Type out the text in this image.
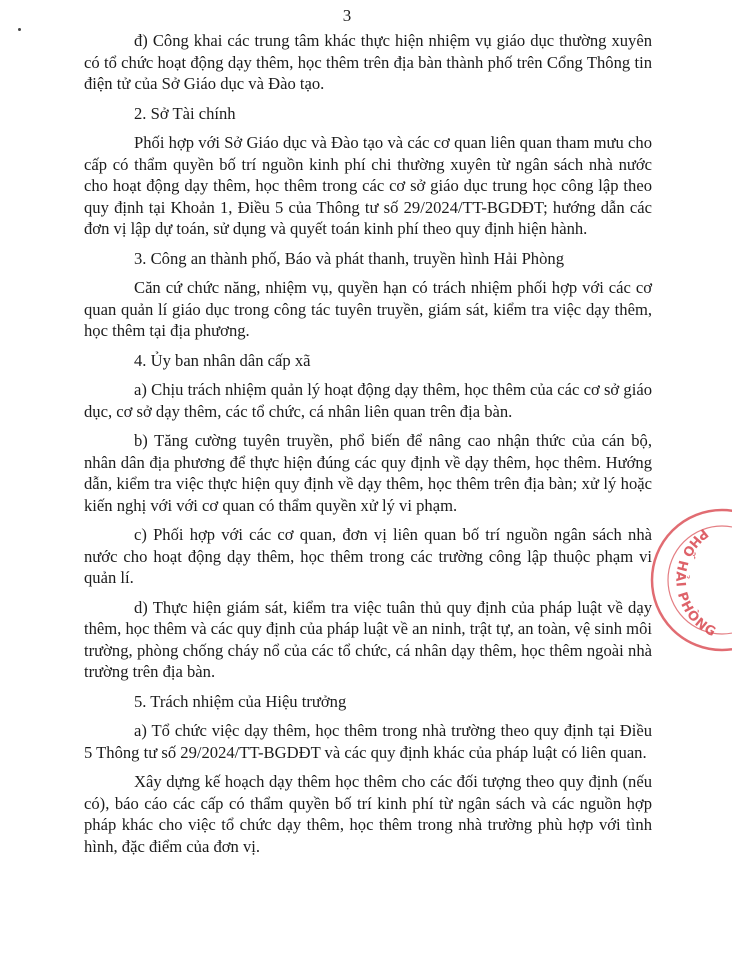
3

đ) Công khai các trung tâm khác thực hiện nhiệm vụ giáo dục thường xuyên có tổ chức hoạt động dạy thêm, học thêm trên địa bàn thành phố trên Cổng Thông tin điện tử của Sở Giáo dục và Đào tạo.

2. Sở Tài chính

Phối hợp với Sở Giáo dục và Đào tạo và các cơ quan liên quan tham mưu cho cấp có thẩm quyền bố trí nguồn kinh phí chi thường xuyên từ ngân sách nhà nước cho hoạt động dạy thêm, học thêm trong các cơ sở giáo dục trung học công lập theo quy định tại Khoản 1, Điều 5 của Thông tư số 29/2024/TT-BGDĐT; hướng dẫn các đơn vị lập dự toán, sử dụng và quyết toán kinh phí theo quy định hiện hành.

3. Công an thành phố, Báo và phát thanh, truyền hình Hải Phòng

Căn cứ chức năng, nhiệm vụ, quyền hạn có trách nhiệm phối hợp với các cơ quan quản lí giáo dục trong công tác tuyên truyền, giám sát, kiểm tra việc dạy thêm, học thêm tại địa phương.

4. Ủy ban nhân dân cấp xã

a) Chịu trách nhiệm quản lý hoạt động dạy thêm, học thêm của các cơ sở giáo dục, cơ sở dạy thêm, các tổ chức, cá nhân liên quan trên địa bàn.

b) Tăng cường tuyên truyền, phổ biến để nâng cao nhận thức của cán bộ, nhân dân địa phương để thực hiện đúng các quy định về dạy thêm, học thêm. Hướng dẫn, kiểm tra việc thực hiện quy định về dạy thêm, học thêm trên địa bàn; xử lý hoặc kiến nghị với với cơ quan có thẩm quyền xử lý vi phạm.

c) Phối hợp với các cơ quan, đơn vị liên quan bố trí nguồn ngân sách nhà nước cho hoạt động dạy thêm, học thêm trong các trường công lập thuộc phạm vi quản lí.

d) Thực hiện giám sát, kiểm tra việc tuân thủ quy định của pháp luật về dạy thêm, học thêm và các quy định của pháp luật về an ninh, trật tự, an toàn, vệ sinh môi trường, phòng chống cháy nổ của các tổ chức, cá nhân dạy thêm, học thêm ngoài nhà trường trên địa bàn.

5. Trách nhiệm của Hiệu trưởng

a) Tổ chức việc dạy thêm, học thêm trong nhà trường theo quy định tại Điều 5 Thông tư số 29/2024/TT-BGDĐT và các quy định khác của pháp luật có liên quan.

Xây dựng kế hoạch dạy thêm học thêm cho các đối tượng theo quy định (nếu có), báo cáo các cấp có thẩm quyền bố trí kinh phí từ ngân sách và các nguồn hợp pháp khác cho việc tổ chức dạy thêm, học thêm trong nhà trường phù hợp với tình hình, đặc điểm của đơn vị.

PHỐ HẢI PHÒNG
